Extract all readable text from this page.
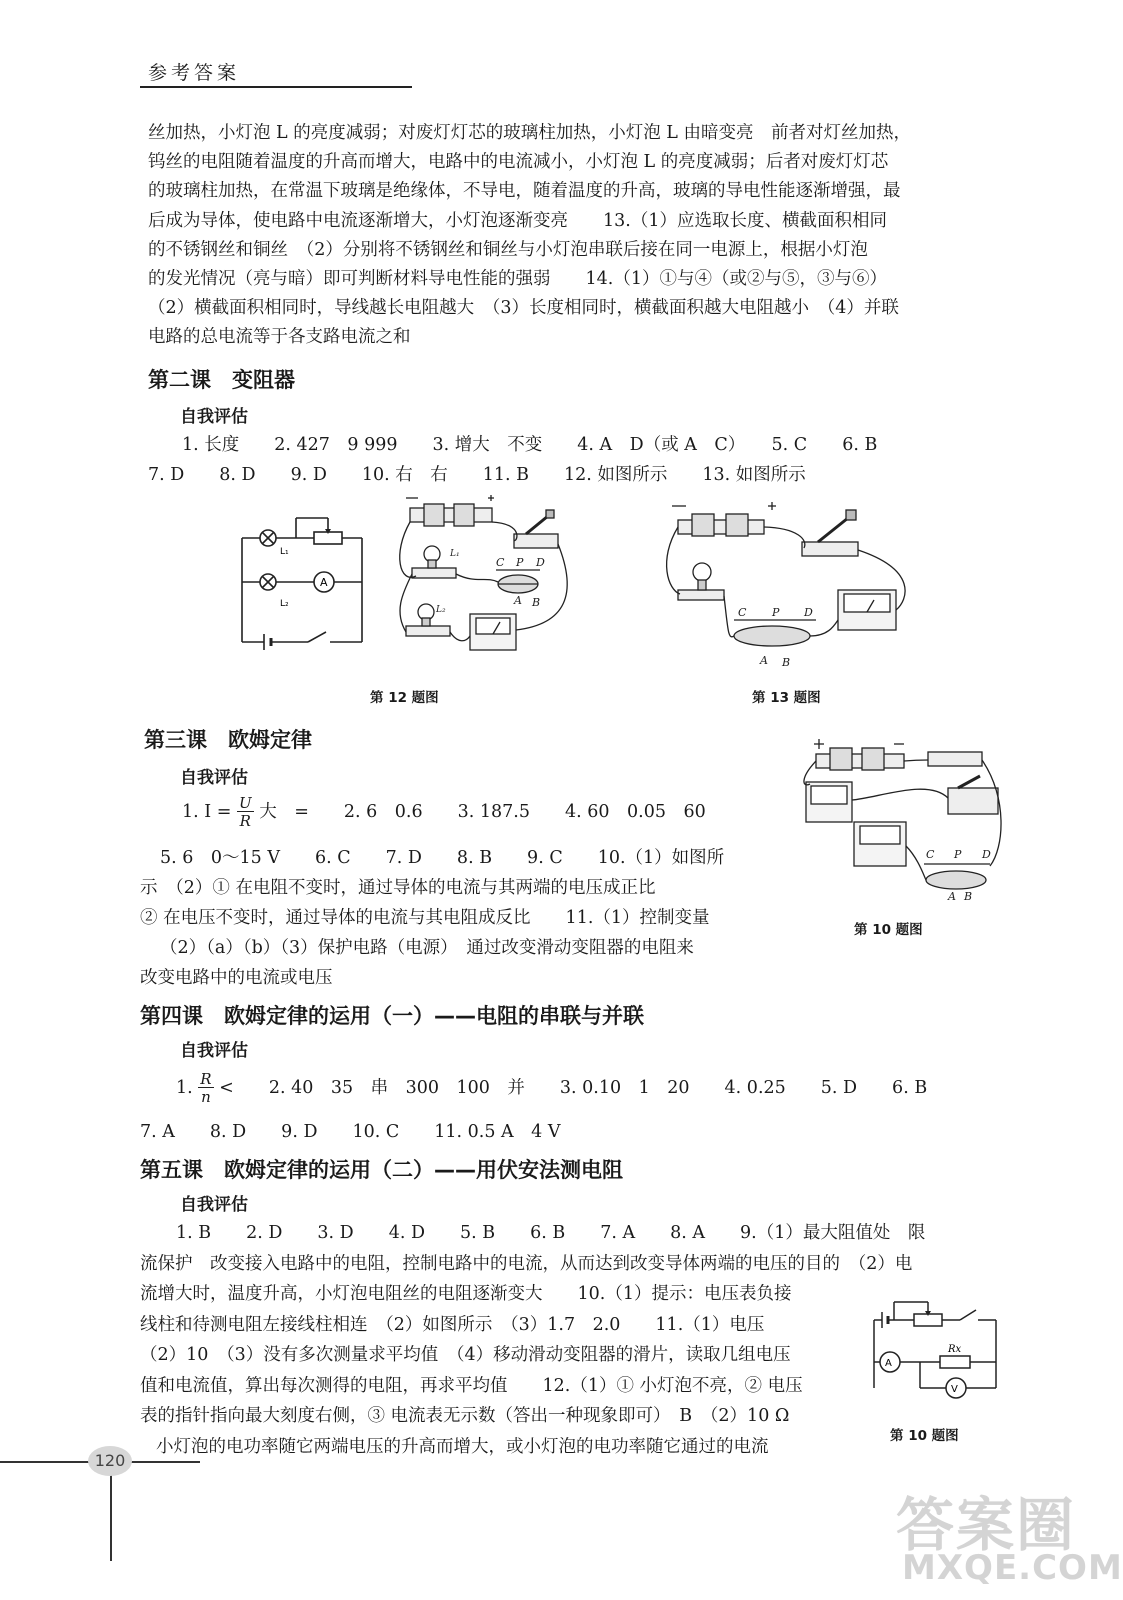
参考答案
丝加热，小灯泡 L 的亮度减弱；对废灯灯芯的玻璃柱加热，小灯泡 L 由暗变亮　前者对灯丝加热，
钨丝的电阻随着温度的升高而增大，电路中的电流减小，小灯泡 L 的亮度减弱；后者对废灯灯芯
的玻璃柱加热，在常温下玻璃是绝缘体，不导电，随着温度的升高，玻璃的导电性能逐渐增强，最
后成为导体，使电路中电流逐渐增大，小灯泡逐渐变亮　　13.（1）应选取长度、横截面积相同
的不锈钢丝和铜丝　（2）分别将不锈钢丝和铜丝与小灯泡串联后接在同一电源上，根据小灯泡
的发光情况（亮与暗）即可判断材料导电性能的强弱　　14.（1）①与④（或②与⑤，③与⑥）
（2）横截面积相同时，导线越长电阻越大　（3）长度相同时，横截面积越大电阻越小　（4）并联
电路的总电流等于各支路电流之和
第二课　变阻器
自我评估
1. 长度　　2. 427　9 999　　3. 增大　不变　　4. A　D（或 A　C）　　5. C　　6. B
7. D　　8. D　　9. D　　10. 右　右　　11. B　　12. 如图所示　　13. 如图所示
L₁
L₂
A
L₁
L₂
C P D
A B
第 12 题图
C P D
A B
第 13 题图
第三课　欧姆定律
自我评估
1. $I = \frac{U}{R}$ 大　=　　2. 6　0.6　　3. 187.5　　4. 60　0.05　60
5. 6　0～15 V　　6. C　　7. D　　8. B　　9. C　　10.（1）如图所
示　（2）① 在电阻不变时，通过导体的电流与其两端的电压成正比
② 在电压不变时，通过导体的电流与其电阻成反比　　11.（1）控制变量
（2）（a）（b）（3）保护电路（电源）　通过改变滑动变阻器的电阻来
改变电路中的电流或电压
C P D
A B
第 10 题图
第四课　欧姆定律的运用（一）——电阻的串联与并联
自我评估
1. $\frac{R}{n}$ <　　2. 40　35　串　300　100　并　　3. 0.10　1　20　　4. 0.25　　5. D　　6. B
7. A　　8. D　　9. D　　10. C　　11. 0.5 A　4 V
第五课　欧姆定律的运用（二）——用伏安法测电阻
自我评估
1. B　　2. D　　3. D　　4. D　　5. B　　6. B　　7. A　　8. A　　9.（1）最大阻值处　限
流保护　改变接入电路中的电阻，控制电路中的电流，从而达到改变导体两端的电压的目的　（2）电
流增大时，温度升高，小灯泡电阻丝的电阻逐渐变大　　10.（1）提示：电压表负接
线柱和待测电阻左接线柱相连　（2）如图所示　（3）1.7　2.0　　11.（1）电压
（2）10　（3）没有多次测量求平均值　（4）移动滑动变阻器的滑片，读取几组电压
值和电流值，算出每次测得的电阻，再求平均值　　12.（1）① 小灯泡不亮，② 电压
表的指针指向最大刻度右侧，③ 电流表无示数（答出一种现象即可）　B　（2）10 Ω
小灯泡的电功率随它两端电压的升高而增大，或小灯泡的电功率随它通过的电流
Rx
A
V
第 10 题图
120
答案圈
MXQE.COM
